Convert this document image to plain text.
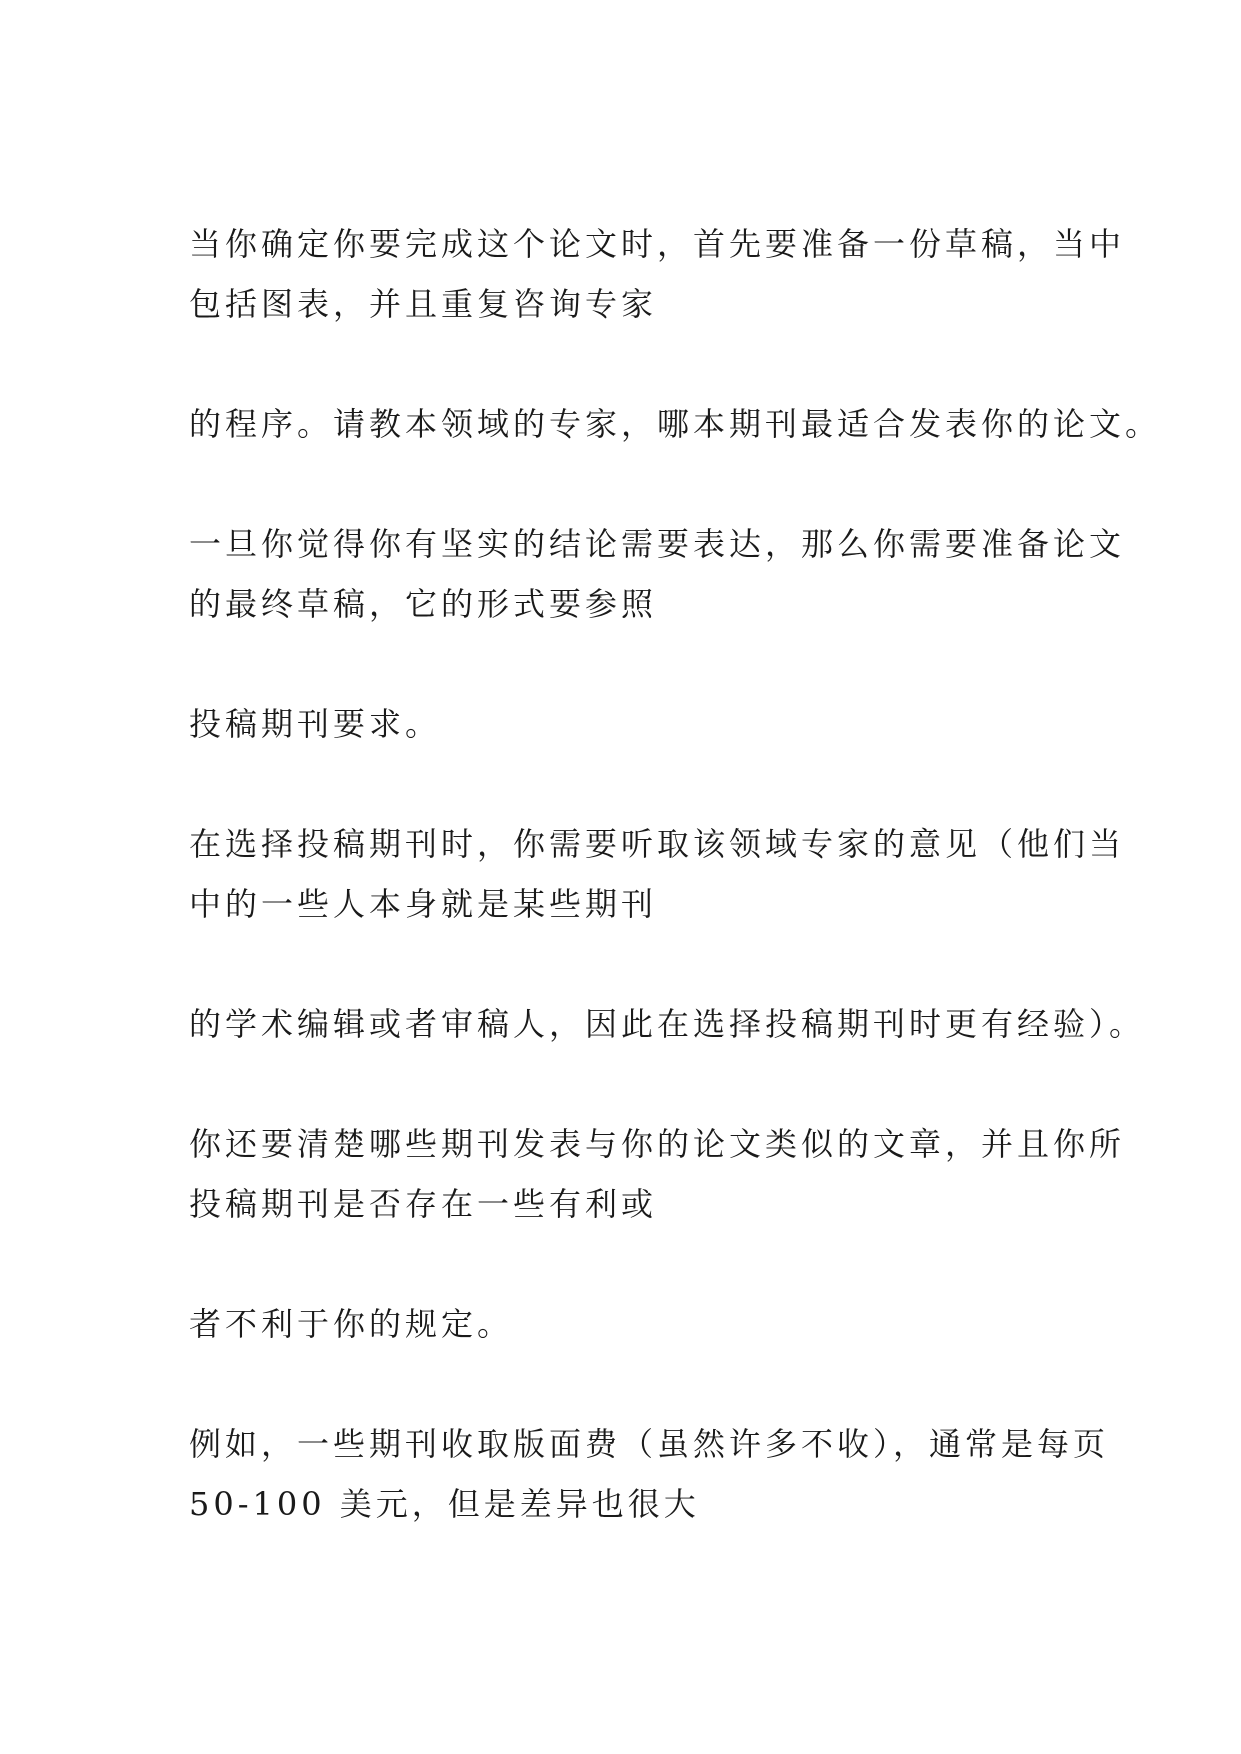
当你确定你要完成这个论文时，首先要准备一份草稿，当中
包括图表，并且重复咨询专家

的程序。请教本领域的专家，哪本期刊最适合发表你的论文。

一旦你觉得你有坚实的结论需要表达，那么你需要准备论文
的最终草稿，它的形式要参照

投稿期刊要求。

在选择投稿期刊时，你需要听取该领域专家的意见（他们当
中的一些人本身就是某些期刊

的学术编辑或者审稿人，因此在选择投稿期刊时更有经验）。

你还要清楚哪些期刊发表与你的论文类似的文章，并且你所
投稿期刊是否存在一些有利或

者不利于你的规定。

例如，一些期刊收取版面费（虽然许多不收），通常是每页
50-100 美元，但是差异也很大
